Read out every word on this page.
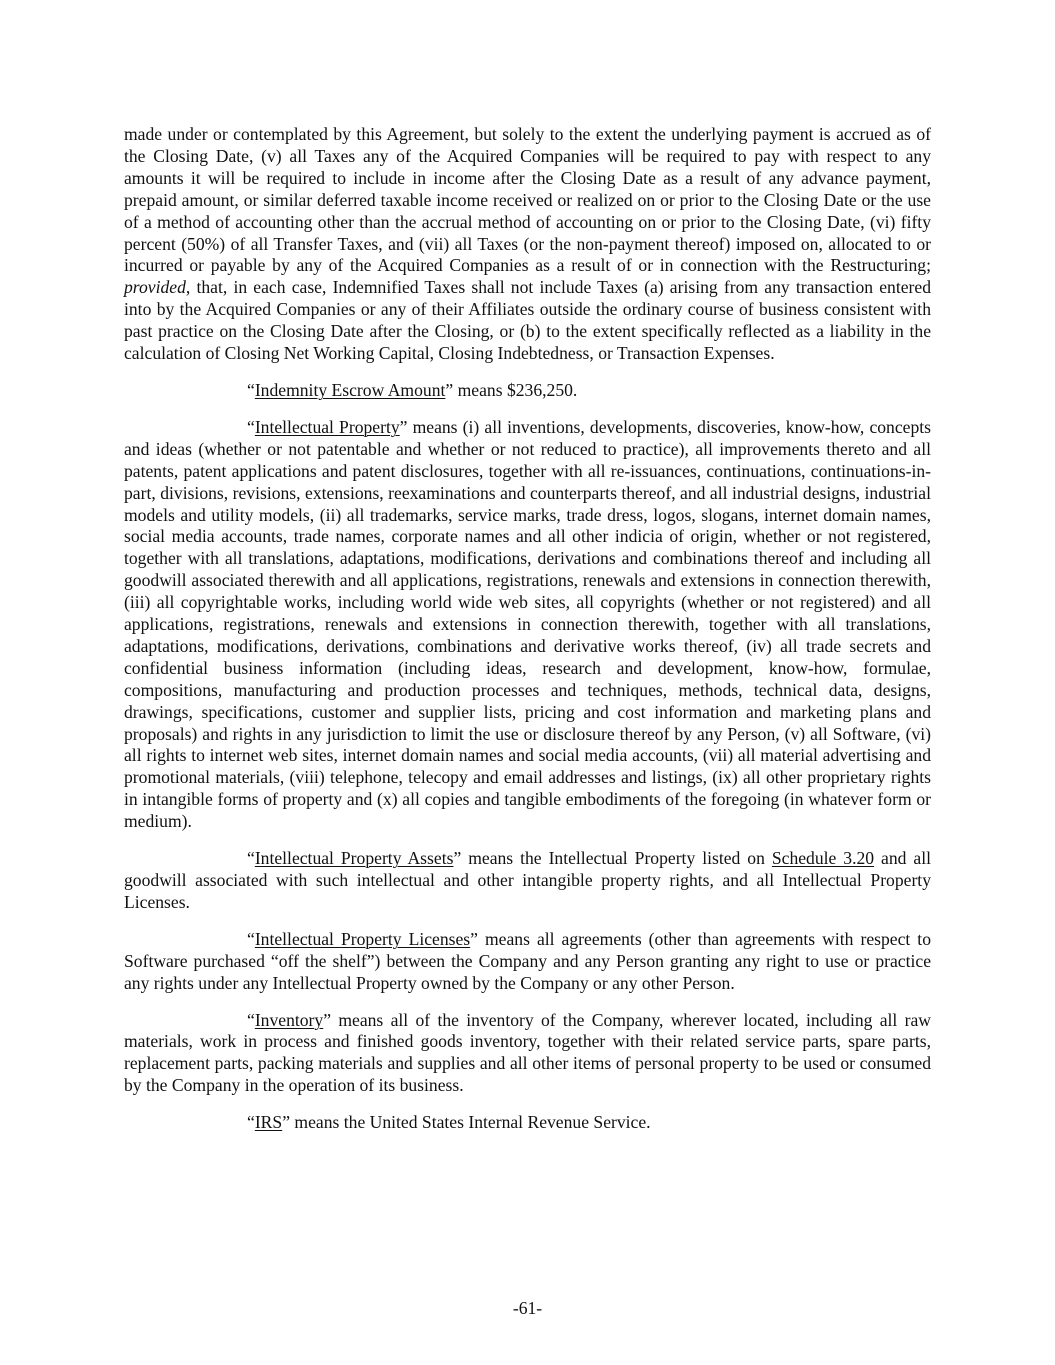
made under or contemplated by this Agreement, but solely to the extent the underlying payment is accrued as of the Closing Date, (v) all Taxes any of the Acquired Companies will be required to pay with respect to any amounts it will be required to include in income after the Closing Date as a result of any advance payment, prepaid amount, or similar deferred taxable income received or realized on or prior to the Closing Date or the use of a method of accounting other than the accrual method of accounting on or prior to the Closing Date, (vi) fifty percent (50%) of all Transfer Taxes, and (vii) all Taxes (or the non-payment thereof) imposed on, allocated to or incurred or payable by any of the Acquired Companies as a result of or in connection with the Restructuring; provided, that, in each case, Indemnified Taxes shall not include Taxes (a) arising from any transaction entered into by the Acquired Companies or any of their Affiliates outside the ordinary course of business consistent with past practice on the Closing Date after the Closing, or (b) to the extent specifically reflected as a liability in the calculation of Closing Net Working Capital, Closing Indebtedness, or Transaction Expenses.

“Indemnity Escrow Amount” means $236,250.

“Intellectual Property” means (i) all inventions, developments, discoveries, know-how, concepts and ideas (whether or not patentable and whether or not reduced to practice), all improvements thereto and all patents, patent applications and patent disclosures, together with all re-issuances, continuations, continuations-in-part, divisions, revisions, extensions, reexaminations and counterparts thereof, and all industrial designs, industrial models and utility models, (ii) all trademarks, service marks, trade dress, logos, slogans, internet domain names, social media accounts, trade names, corporate names and all other indicia of origin, whether or not registered, together with all translations, adaptations, modifications, derivations and combinations thereof and including all goodwill associated therewith and all applications, registrations, renewals and extensions in connection therewith, (iii) all copyrightable works, including world wide web sites, all copyrights (whether or not registered) and all applications, registrations, renewals and extensions in connection therewith, together with all translations, adaptations, modifications, derivations, combinations and derivative works thereof, (iv) all trade secrets and confidential business information (including ideas, research and development, know-how, formulae, compositions, manufacturing and production processes and techniques, methods, technical data, designs, drawings, specifications, customer and supplier lists, pricing and cost information and marketing plans and proposals) and rights in any jurisdiction to limit the use or disclosure thereof by any Person, (v) all Software, (vi) all rights to internet web sites, internet domain names and social media accounts, (vii) all material advertising and promotional materials, (viii) telephone, telecopy and email addresses and listings, (ix) all other proprietary rights in intangible forms of property and (x) all copies and tangible embodiments of the foregoing (in whatever form or medium).

“Intellectual Property Assets” means the Intellectual Property listed on Schedule 3.20 and all goodwill associated with such intellectual and other intangible property rights, and all Intellectual Property Licenses.

“Intellectual Property Licenses” means all agreements (other than agreements with respect to Software purchased “off the shelf”) between the Company and any Person granting any right to use or practice any rights under any Intellectual Property owned by the Company or any other Person.

“Inventory” means all of the inventory of the Company, wherever located, including all raw materials, work in process and finished goods inventory, together with their related service parts, spare parts, replacement parts, packing materials and supplies and all other items of personal property to be used or consumed by the Company in the operation of its business.

“IRS” means the United States Internal Revenue Service.

-61-
